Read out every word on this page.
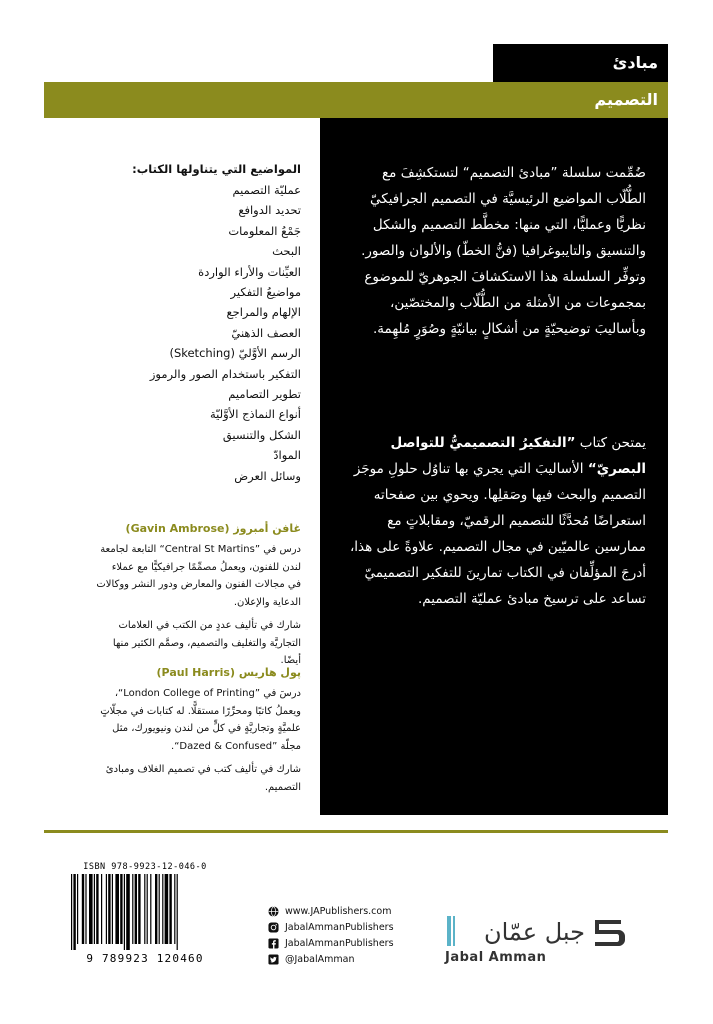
مبادئ
التصميم

ضُمِّمت سلسلة ”مبادئ التصميم“ لتستكشِفَ مع الطُّلّاب المواضيع الرئيسيَّة في التصميم الجرافيكيّ نظريًّا وعمليًّا، التي منها: مخطَّط التصميم والشكل والتنسيق والتايبوغرافيا (فنُّ الخطّ) والألوان والصور. وتوفِّر السلسلة هذا الاستكشافَ الجوهريّ للموضوع بمجموعات من الأمثلة من الطُّلّاب والمختصّين، وبأساليبَ توضيحيّةٍ من أشكالٍ بيانيّةٍ وصُوَرٍ مُلهِمة.

يمتحن كتاب ”التفكيرُ التصميميُّ للتواصل البصريّ“ الأساليبَ التي يجري بها تناوُل حلولِ موجَز التصميم والبحث فيها وصَقلِها. ويحوي بين صفحاته استعراضًا مُحدَّثًا للتصميم الرقميّ، ومقابلاتٍ مع ممارسين عالميّين في مجال التصميم. علاوةً على هذا، أدرجَ المؤلِّفان في الكتاب تمارينَ للتفكير التصميميّ تساعد على ترسيخ مبادئ عمليّة التصميم.

المواضيع التي يتناولها الكتاب:
عمليّة التصميم
تحديد الدوافع
جَمْعُ المعلومات
البحث
العيِّنات والأراء الواردة
مواضيعُ التفكير
الإلهام والمراجع
العصف الذهنيّ
الرسم الأوَّليّ (Sketching)
التفكير باستخدام الصور والرموز
تطوير التصاميم
أنواع النماذج الأوَّليّة
الشكل والتنسيق
الموادّ
وسائل العرض
غافن أمبروز (Gavin Ambrose)

درس في ”Central St Martins“ التابعة لجامعة لندن للفنون، ويعملُ مصمِّمًا جرافيكيًّا مع عملاء في مجالات الفنون والمعارض ودور النشر ووكالات الدعاية والإعلان.

شارك في تأليف عددٍ من الكتب في العلامات التجاريَّة والتغليف والتصميم، وصمَّم الكثير منها أيضًا.

پول هاريس (Paul Harris)

درسَ في ”London College of Printing“، ويعملُ كاتبًا ومحرِّرًا مستقلًّا. له كتابات في مجلّاتٍ علميَّةٍ وتجاريَّةٍ في كلٍّ من لندن ونيويورك، مثل مجلّة ”Dazed & Confused“.

شارك في تأليف كتب في تصميم الغلاف ومبادئ التصميم.

ISBN 978-9923-12-046-0
9 789923 120460
www.JAPublishers.com
JabalAmmanPublishers
JabalAmmanPublishers
@JabalAmman
جبل عمّان
Jabal Amman
